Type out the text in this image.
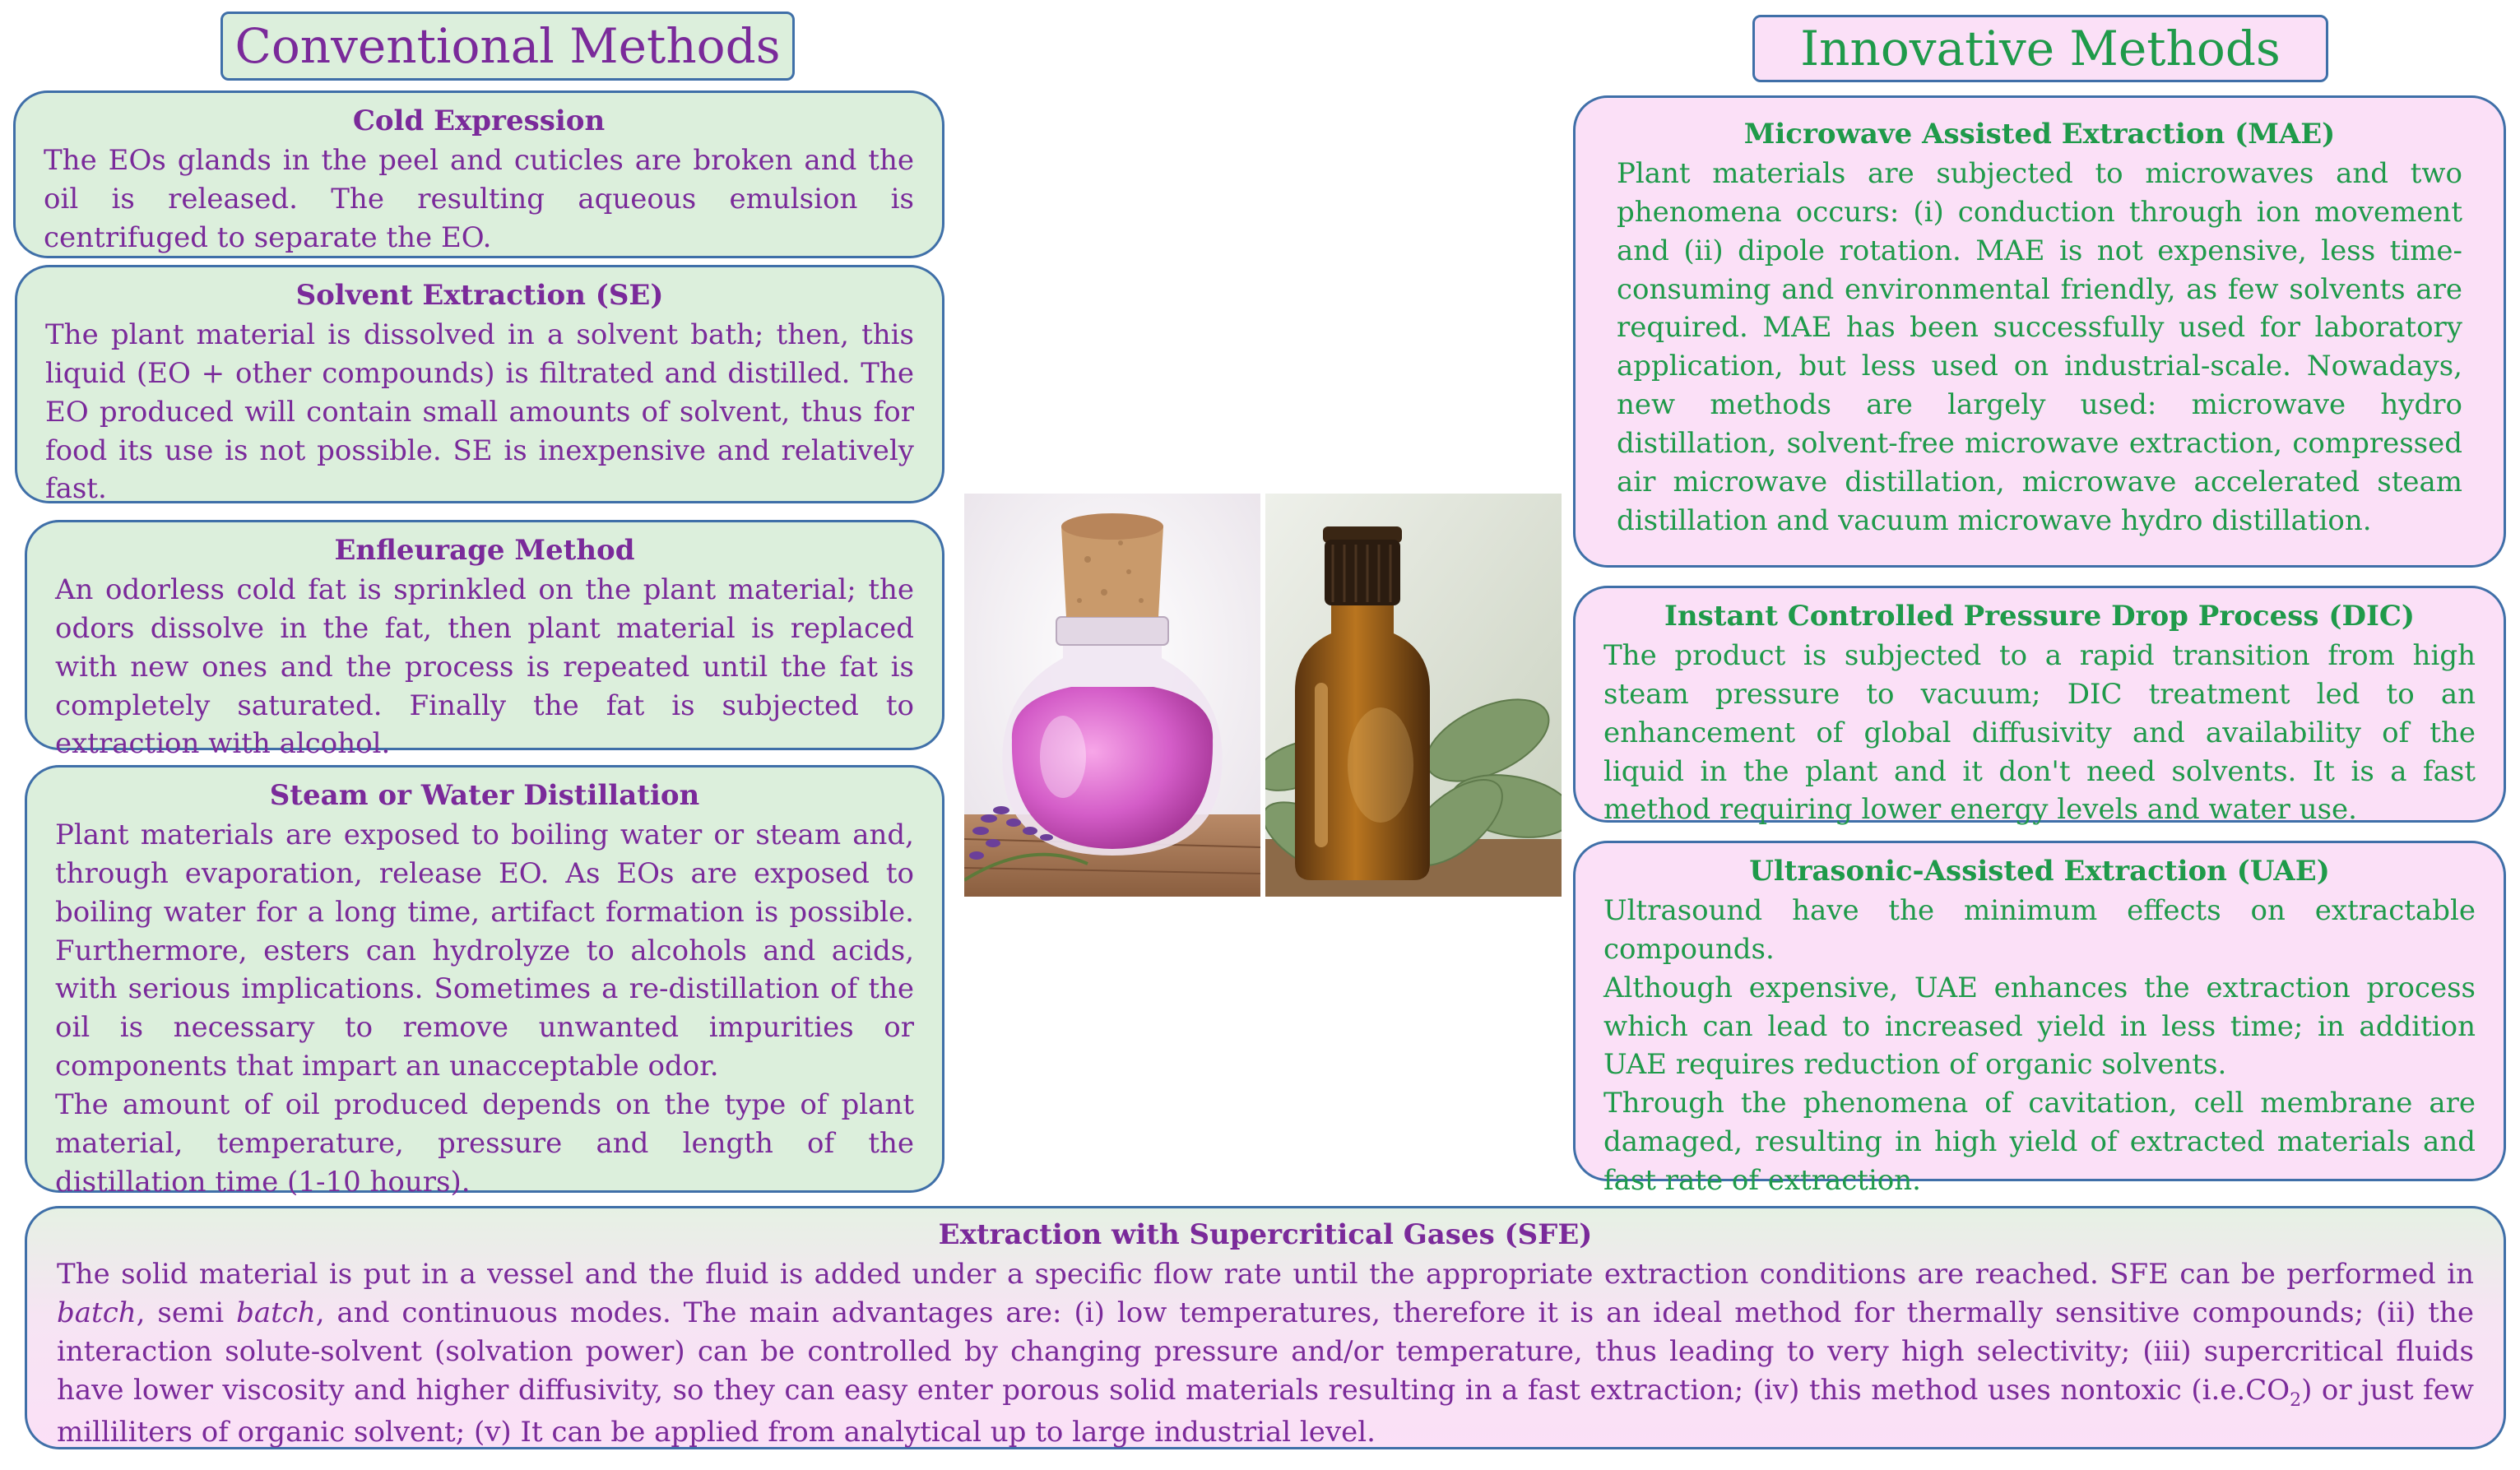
Conventional Methods	Innovative Methods
Cold Expression

The EOs glands in the peel and cuticles are broken and the oil is released. The resulting aqueous emulsion is centrifuged to separate the EO.

Solvent Extraction (SE)

The plant material is dissolved in a solvent bath; then, this liquid (EO + other compounds) is filtrated and distilled. The EO produced will contain small amounts of solvent, thus for food its use is not possible. SE is inexpensive and relatively fast.

Enfleurage Method

An odorless cold fat is sprinkled on the plant material; the odors dissolve in the fat, then plant material is replaced with new ones and the process is repeated until the fat is completely saturated. Finally the fat is subjected to extraction with alcohol.

Steam or Water Distillation

Plant materials are exposed to boiling water or steam and, through evaporation, release EO. As EOs are exposed to boiling water for a long time, artifact formation is possible. Furthermore, esters can hydrolyze to alcohols and acids, with serious implications. Sometimes a re-distillation of the oil is necessary to remove unwanted impurities or components that impart an unacceptable odor.

The amount of oil produced depends on the type of plant material, temperature, pressure and length of the distillation time (1-10 hours).

Microwave Assisted Extraction (MAE)

Plant materials are subjected to microwaves and two phenomena occurs: (i) conduction through ion movement and (ii) dipole rotation. MAE is not expensive, less time-consuming and environmental friendly, as few solvents are required. MAE has been successfully used for laboratory application, but less used on industrial-scale. Nowadays, new methods are largely used: microwave hydro distillation, solvent-free microwave extraction, compressed air microwave distillation, microwave accelerated steam distillation and vacuum microwave hydro distillation.

Instant Controlled Pressure Drop Process (DIC)

The product is subjected to a rapid transition from high steam pressure to vacuum; DIC treatment led to an enhancement of global diffusivity and availability of the liquid in the plant and it don't need solvents. It is a fast method requiring lower energy levels and water use.

Ultrasonic-Assisted Extraction (UAE)

Ultrasound have the minimum effects on extractable compounds.

Although expensive, UAE enhances the extraction process which can lead to increased yield in less time; in addition UAE requires reduction of organic solvents.

Through the phenomena of cavitation, cell membrane are damaged, resulting in high yield of extracted materials and fast rate of extraction.

Extraction with Supercritical Gases (SFE)

The solid material is put in a vessel and the fluid is added under a specific flow rate until the appropriate extraction conditions are reached. SFE can be performed in batch, semi batch, and continuous modes. The main advantages are: (i) low temperatures, therefore it is an ideal method for thermally sensitive compounds; (ii) the interaction solute-solvent (solvation power) can be controlled by changing pressure and/or temperature, thus leading to very high selectivity; (iii) supercritical fluids have lower viscosity and higher diffusivity, so they can easy enter porous solid materials resulting in a fast extraction; (iv) this method uses nontoxic $(i.e.CO_2)$ or just few milliliters of organic solvent; (v) It can be applied from analytical up to large industrial level.
